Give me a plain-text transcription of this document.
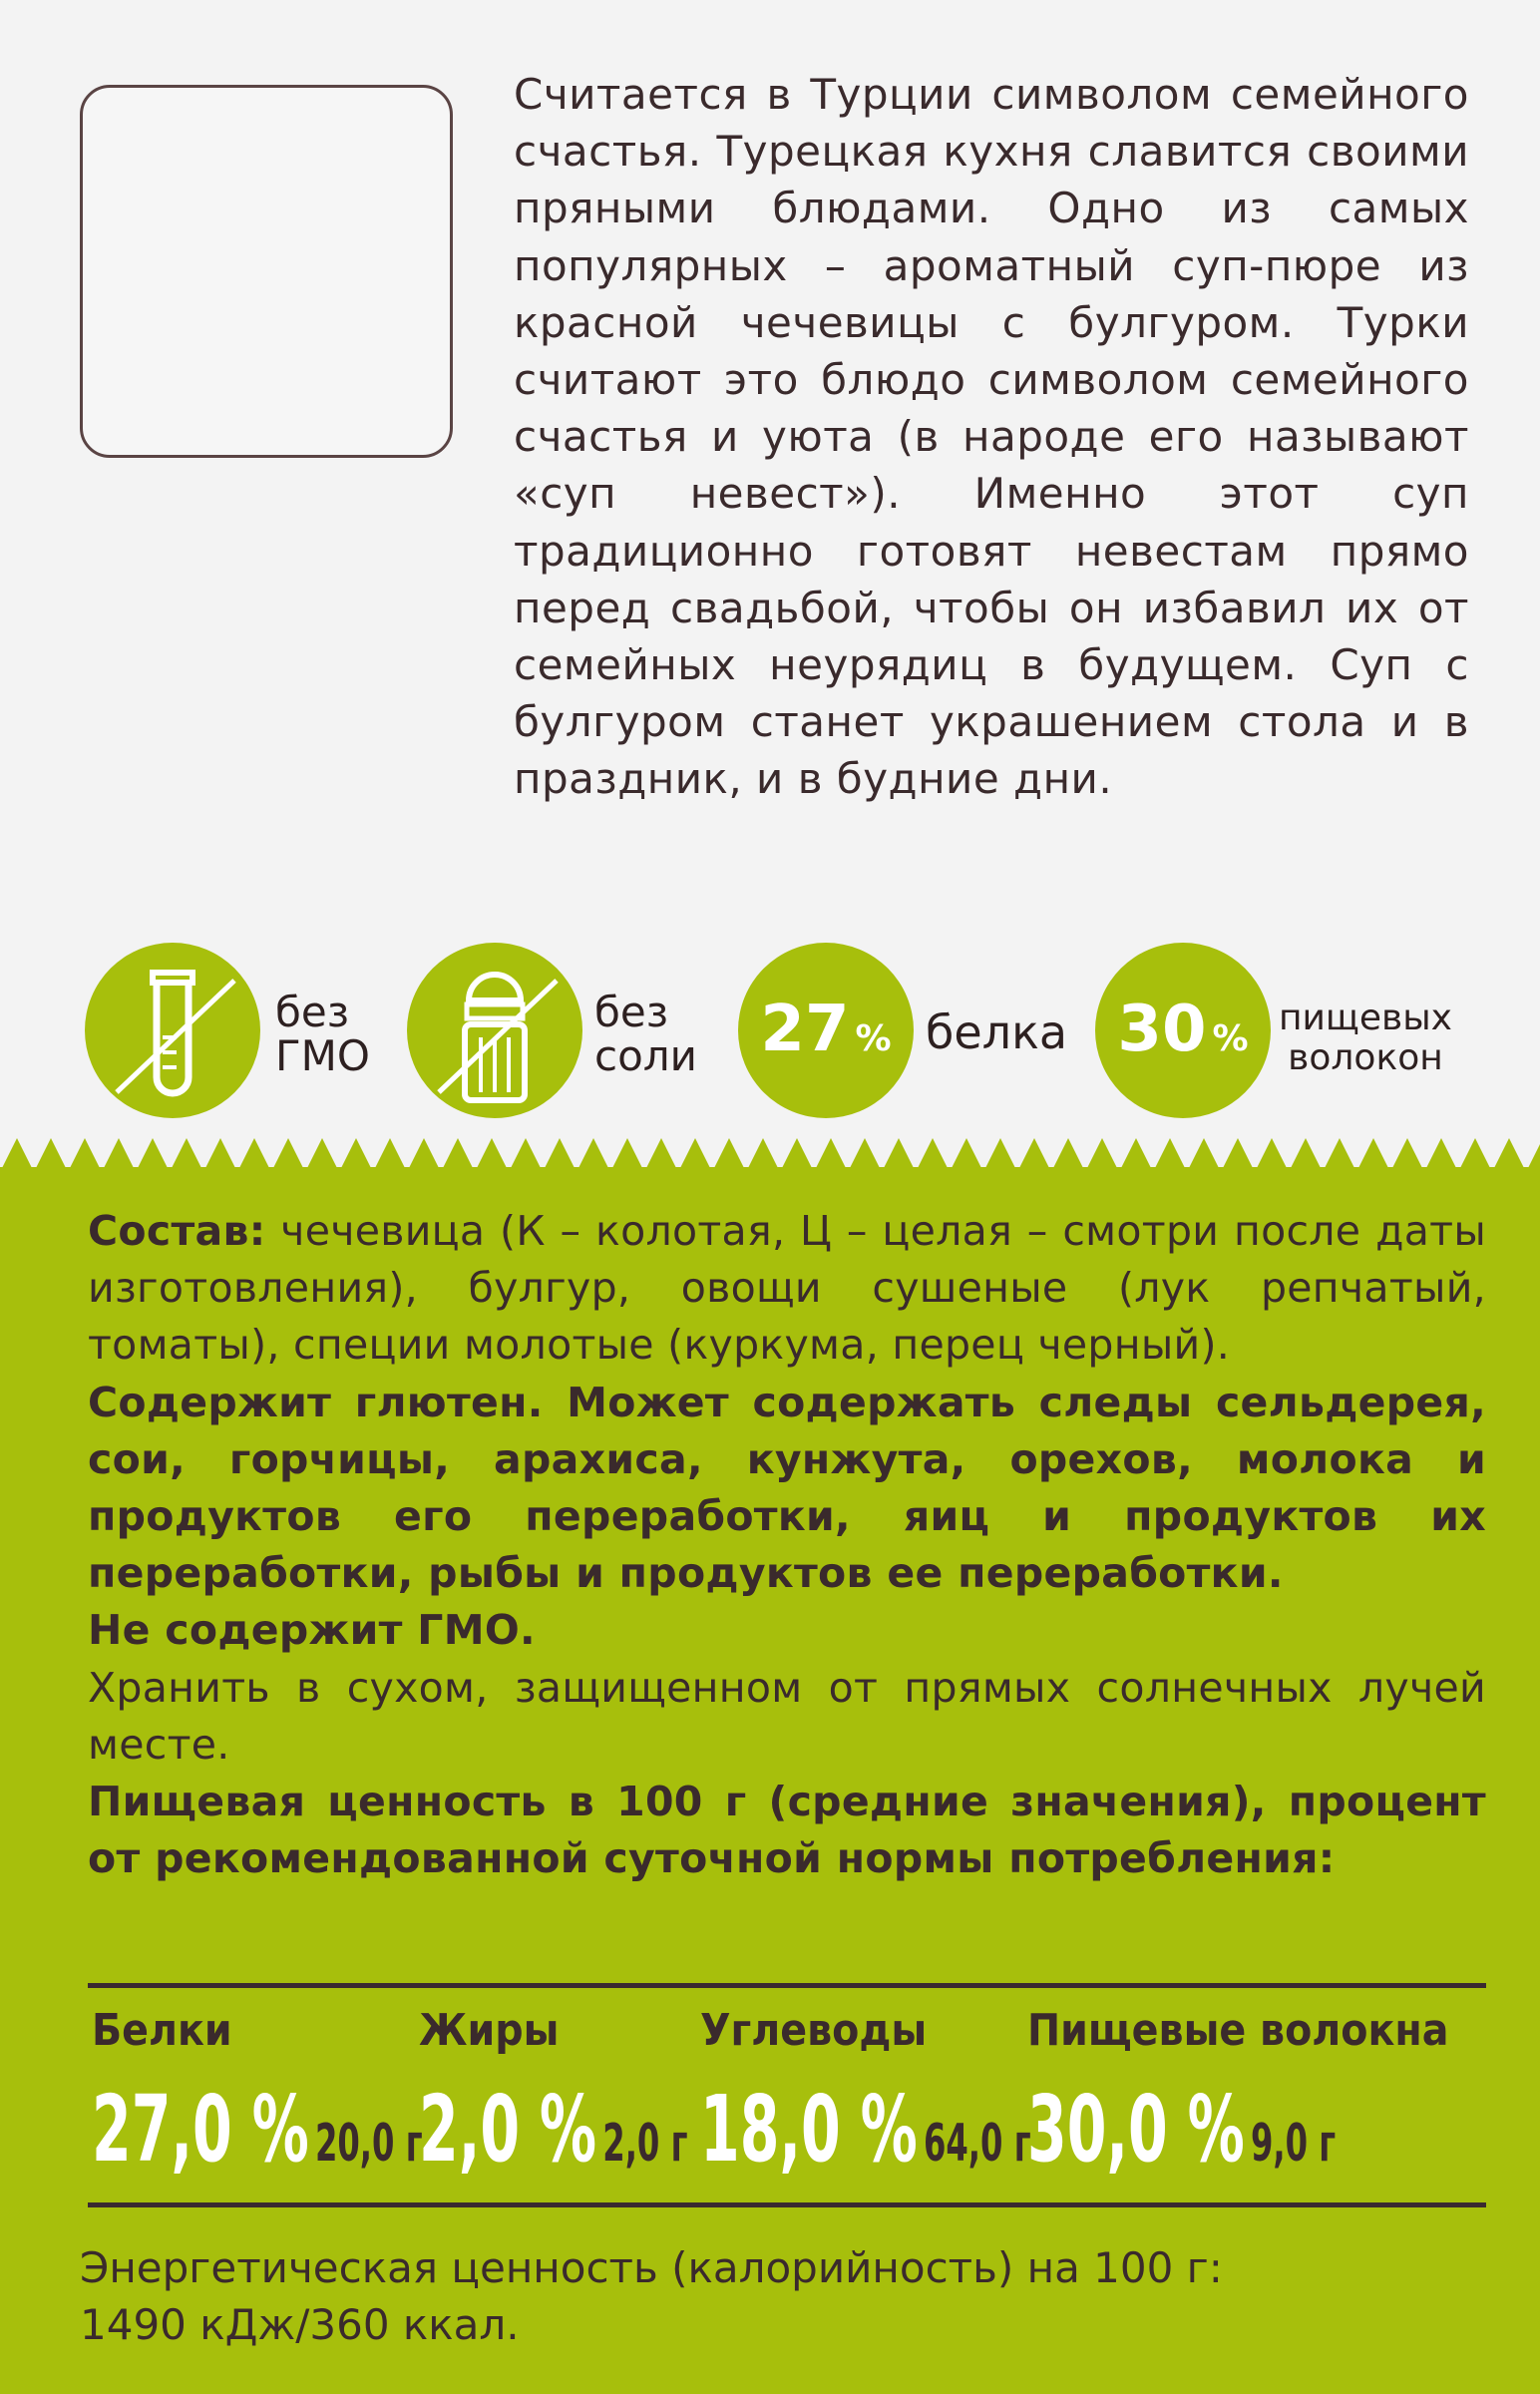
Считается в Турции символом семейного счастья. Турецкая кухня славится своими пряными блюдами. Одно из самых популярных – ароматный суп-пюре из красной чечевицы с булгуром. Турки считают это блюдо символом семейного счастья и уюта (в народе его называют «суп невест»). Именно этот суп традиционно готовят невестам прямо перед свадьбой, чтобы он избавил их от семейных неурядиц в будущем. Суп с булгуром станет украшением стола и в праздник, и в будние дни.
без
ГМО
без
соли 27 % белка 30 %
пищевых
волокон

Состав: чечевица (К – колотая, Ц – целая – смотри после даты изготовления), булгур, овощи сушеные (лук репчатый, томаты), специи молотые (куркума, перец черный).

Содержит глютен. Может содержать следы сельдерея, сои, горчицы, арахиса, кунжута, орехов, молока и продуктов его переработки, яиц и продуктов их переработки, рыбы и продуктов ее переработки.

Не содержит ГМО.

Хранить в сухом, защищенном от прямых солнечных лучей месте.

Пищевая ценность в 100 г (средние значения), процент от рекомендованной суточной нормы потребления:

Белки
27,0 % 20,0 г
Жиры
2,0 % 2,0 г
Углеводы
18,0 % 64,0 г
Пищевые волокна
30,0 % 9,0 г
Энергетическая ценность (калорийность) на 100 г:
1490 кДж/360 ккал.
